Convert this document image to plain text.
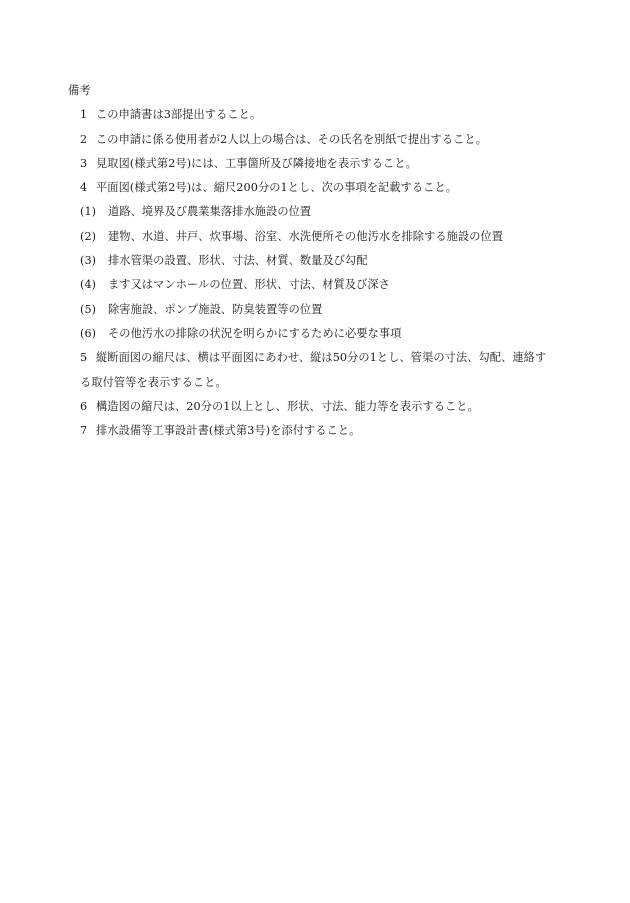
備考
1 この申請書は3部提出すること。
2 この申請に係る使用者が2人以上の場合は、その氏名を別紙で提出すること。
3 見取図(様式第2号)には、工事箇所及び隣接地を表示すること。
4 平面図(様式第2号)は、縮尺200分の1とし、次の事項を記載すること。
(1) 道路、境界及び農業集落排水施設の位置
(2) 建物、水道、井戸、炊事場、浴室、水洗便所その他汚水を排除する施設の位置
(3) 排水管渠の設置、形状、寸法、材質、数量及び勾配
(4) ます又はマンホールの位置、形状、寸法、材質及び深さ
(5) 除害施設、ポンプ施設、防臭装置等の位置
(6) その他汚水の排除の状況を明らかにするために必要な事項
5 縦断面図の縮尺は、横は平面図にあわせ、縦は50分の1とし、管渠の寸法、勾配、連絡す
る取付管等を表示すること。
6 構造図の縮尺は、20分の1以上とし、形状、寸法、能力等を表示すること。
7 排水設備等工事設計書(様式第3号)を添付すること。
